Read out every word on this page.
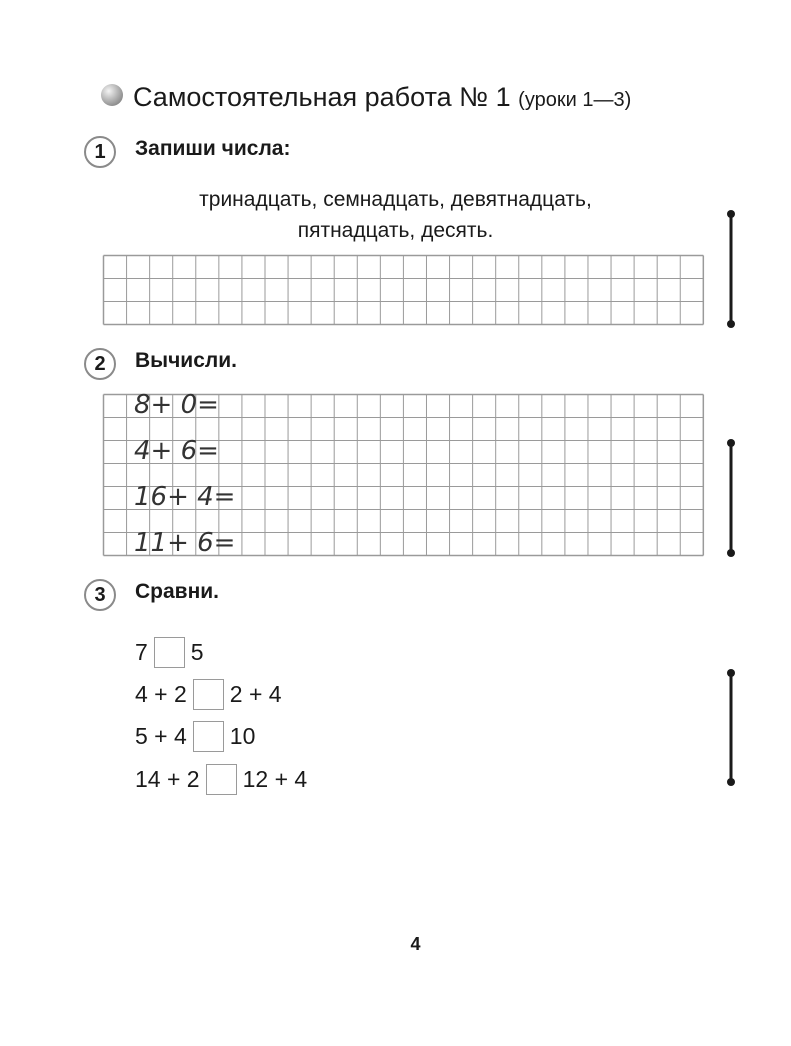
Самостоятельная работа № 1 (уроки 1—3)
1	Запиши числа:
тринадцать, семнадцать, девятнадцать,
пятнадцать, десять.
2	Вычисли.
8+ 0=
4+ 6=
16+ 4=
11+ 6=
3	Сравни.
7 5
4 + 2 2 + 4
5 + 4 10
14 + 2 12 + 4
4
